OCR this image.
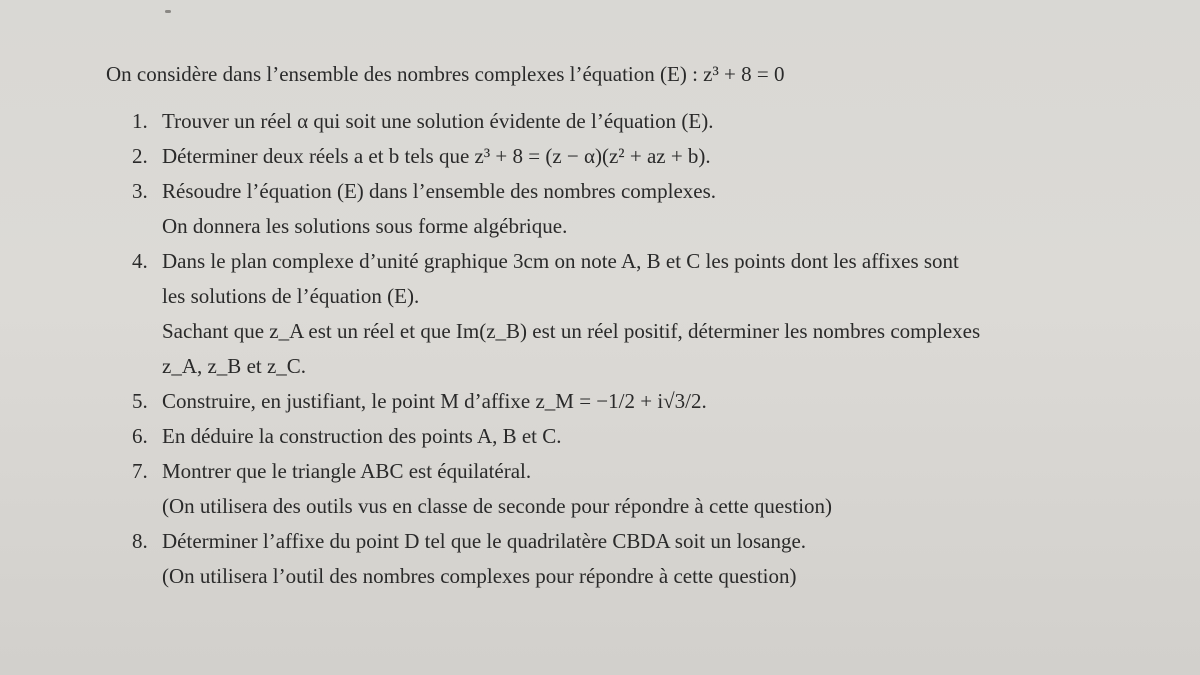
On considère dans l’ensemble des nombres complexes l’équation (E) : z³ + 8 = 0
1. Trouver un réel α qui soit une solution évidente de l’équation (E).
2. Déterminer deux réels a et b tels que z³ + 8 = (z − α)(z² + az + b).
3. Résoudre l’équation (E) dans l’ensemble des nombres complexes.
On donnera les solutions sous forme algébrique.
4. Dans le plan complexe d’unité graphique 3cm on note A, B et C les points dont les affixes sont
les solutions de l’équation (E).
Sachant que z_A est un réel et que Im(z_B) est un réel positif, déterminer les nombres complexes
z_A, z_B et z_C.
5. Construire, en justifiant, le point M d’affixe z_M = −1/2 + i√3/2.
6. En déduire la construction des points A, B et C.
7. Montrer que le triangle ABC est équilatéral.
(On utilisera des outils vus en classe de seconde pour répondre à cette question)
8. Déterminer l’affixe du point D tel que le quadrilatère CBDA soit un losange.
(On utilisera l’outil des nombres complexes pour répondre à cette question)
